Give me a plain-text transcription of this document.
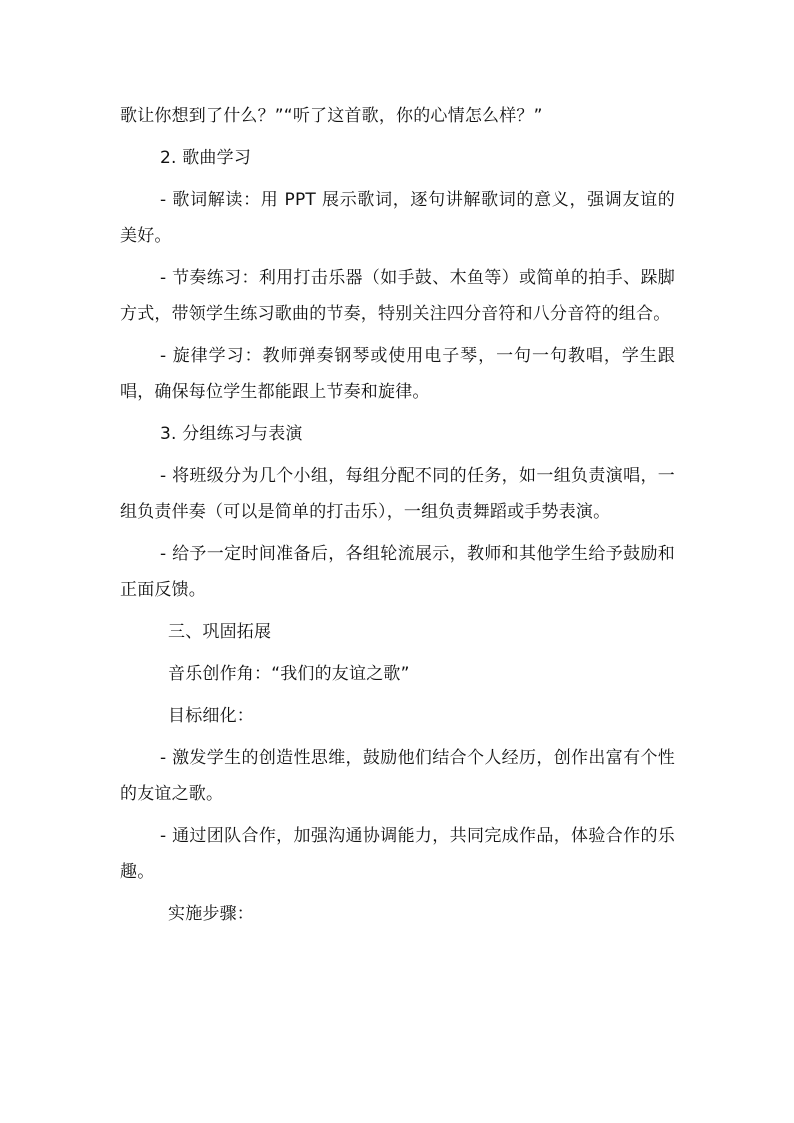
歌让你想到了什么？”“听了这首歌，你的心情怎么样？”

2. 歌曲学习

- 歌词解读：用 PPT 展示歌词，逐句讲解歌词的意义，强调友谊的美好。

- 节奏练习：利用打击乐器（如手鼓、木鱼等）或简单的拍手、跺脚方式，带领学生练习歌曲的节奏，特别关注四分音符和八分音符的组合。

- 旋律学习：教师弹奏钢琴或使用电子琴，一句一句教唱，学生跟唱，确保每位学生都能跟上节奏和旋律。

3. 分组练习与表演

- 将班级分为几个小组，每组分配不同的任务，如一组负责演唱，一组负责伴奏（可以是简单的打击乐），一组负责舞蹈或手势表演。

- 给予一定时间准备后，各组轮流展示，教师和其他学生给予鼓励和正面反馈。

三、巩固拓展

音乐创作角：“我们的友谊之歌”

目标细化：

- 激发学生的创造性思维，鼓励他们结合个人经历，创作出富有个性的友谊之歌。

- 通过团队合作，加强沟通协调能力，共同完成作品，体验合作的乐趣。

实施步骤：
